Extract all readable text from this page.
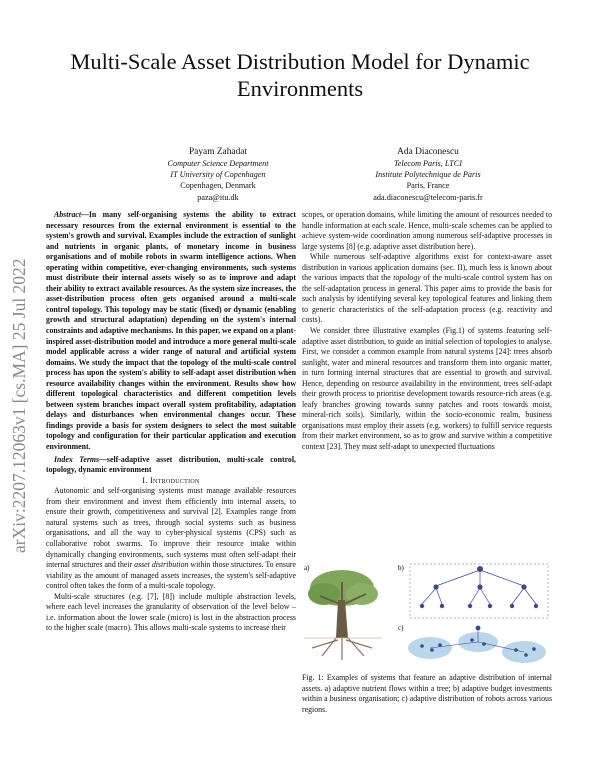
arXiv:2207.12063v1 [cs.MA] 25 Jul 2022
Multi-Scale Asset Distribution Model for Dynamic
Environments
Payam Zahadat
Computer Science Department
IT University of Copenhagen
Copenhagen, Denmark
paza@itu.dk
Ada Diaconescu
Telecom Paris, LTCI
Institute Polytechnique de Paris
Paris, France
ada.diaconescu@telecom-paris.fr

Abstract—In many self-organising systems the ability to extract necessary resources from the external environment is essential to the system's growth and survival. Examples include the extraction of sunlight and nutrients in organic plants, of monetary income in business organisations and of mobile robots in swarm intelligence actions. When operating within competitive, ever-changing environments, such systems must distribute their internal assets wisely so as to improve and adapt their ability to extract available resources. As the system size increases, the asset-distribution process often gets organised around a multi-scale control topology. This topology may be static (fixed) or dynamic (enabling growth and structural adaptation) depending on the system's internal constraints and adaptive mechanisms. In this paper, we expand on a plant-inspired asset-distribution model and introduce a more general multi-scale model applicable across a wider range of natural and artificial system domains. We study the impact that the topology of the multi-scale control process has upon the system's ability to self-adapt asset distribution when resource availability changes within the environment. Results show how different topological characteristics and different competition levels between system branches impact overall system profitability, adaptation delays and disturbances when environmental changes occur. These findings provide a basis for system designers to select the most suitable topology and configuration for their particular application and execution environment.

Index Terms—self-adaptive asset distribution, multi-scale control, topology, dynamic environment

I. Introduction

Autonomic and self-organising systems must manage available resources from their environment and invest them efficiently into internal assets, to ensure their growth, competitiveness and survival [2]. Examples range from natural systems such as trees, through social systems such as business organisations, and all the way to cyber-physical systems (CPS) such as collaborative robot swarms. To improve their resource intake within dynamically changing environments, such systems must often self-adapt their internal structures and their asset distribution within those structures. To ensure viability as the amount of managed assets increases, the system's self-adaptive control often takes the form of a multi-scale topology.

Multi-scale structures (e.g. [7], [8]) include multiple abstraction levels, where each level increases the granularity of observation of the level below – i.e. information about the lower scale (micro) is lost in the abstraction process to the higher scale (macro). This allows multi-scale systems to increase their

scopes, or operation domains, while limiting the amount of resources needed to handle information at each scale. Hence, multi-scale schemes can be applied to achieve system-wide coordination among numerous self-adaptive processes in large systems [8] (e.g. adaptive asset distribution here).

While numerous self-adaptive algorithms exist for context-aware asset distribution in various application domains (sec. II), much less is known about the various impacts that the topology of the multi-scale control system has on the self-adaptation process in general. This paper aims to provide the basis for such analysis by identifying several key topological features and linking them to generic characteristics of the self-adaptation process (e.g. reactivity and costs).

We consider three illustrative examples (Fig.1) of systems featuring self-adaptive asset distribution, to guide an initial selection of topologies to analyse. First, we consider a common example from natural systems [24]: trees absorb sunlight, water and mineral resources and transform them into organic matter, in turn forming internal structures that are essential to growth and survival. Hence, depending on resource availability in the environment, trees self-adapt their growth process to prioritise development towards resource-rich areas (e.g. leafy branches growing towards sunny patches and roots towards moist, mineral-rich soils). Similarly, within the socio-economic realm, business organisations must employ their assets (e.g. workers) to fulfill service requests from their market environment, so as to grow and survive within a competitive context [23]. They must self-adapt to unexpected fluctuations

a)	b)
c)
Fig. 1: Examples of systems that feature an adaptive distribution of internal assets. a) adaptive nutrient flows within a tree; b) adaptive budget investments within a business organisation; c) adaptive distribution of robots across various regions.
